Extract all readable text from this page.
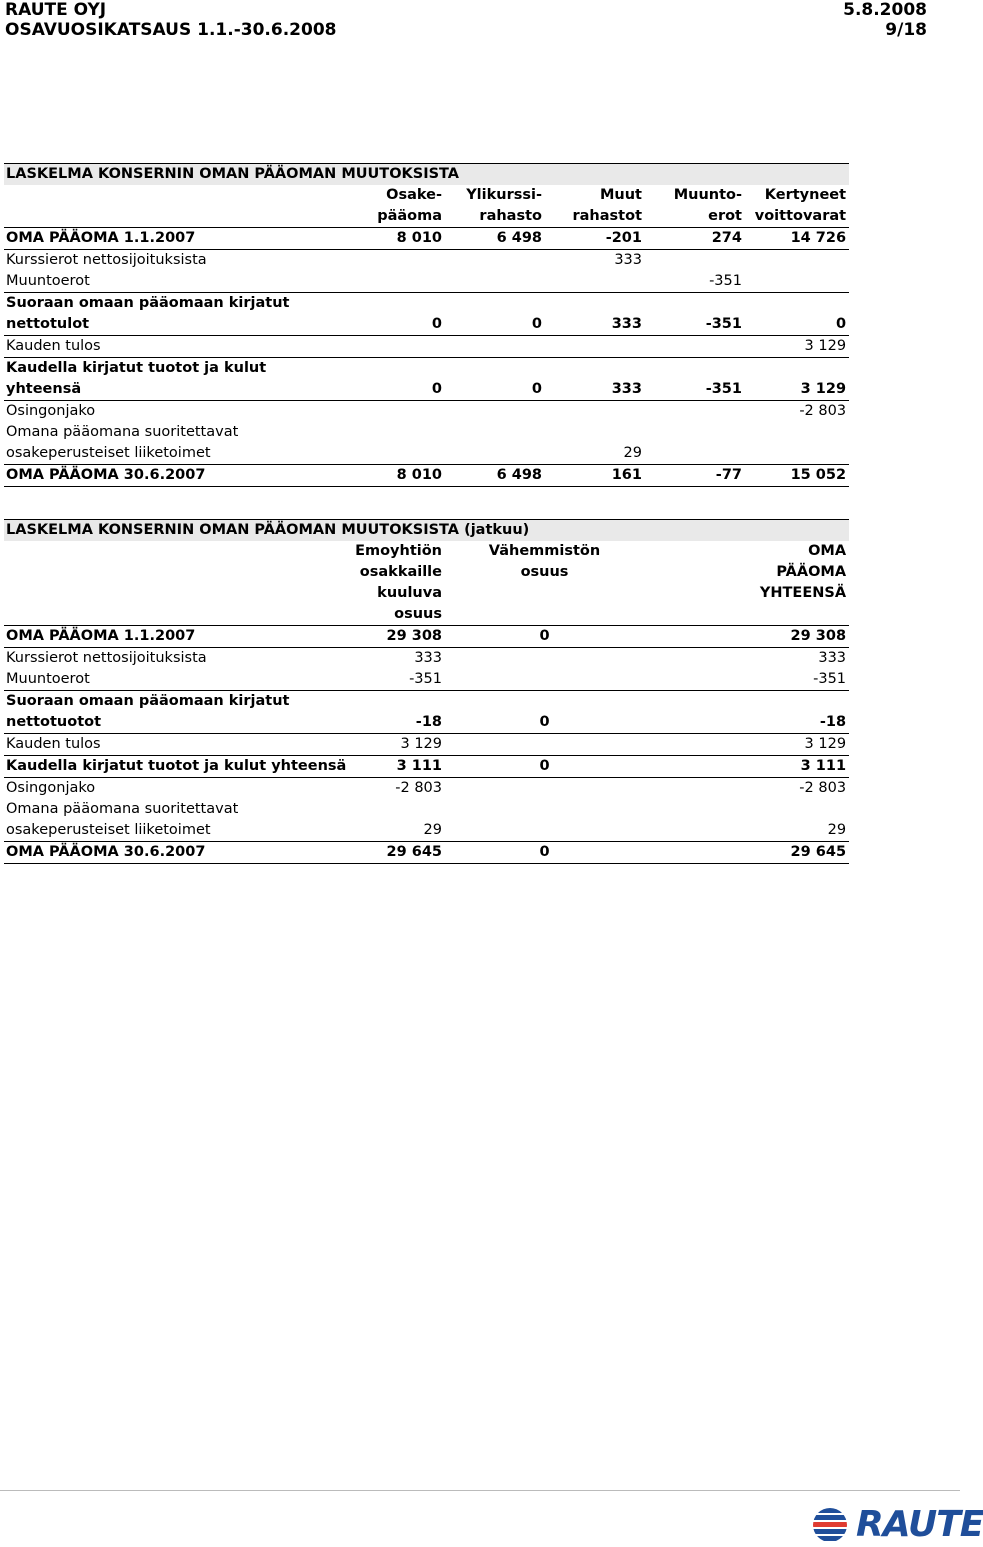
RAUTE OYJ
OSAVUOSIKATSAUS 1.1.-30.6.2008
5.8.2008
9/18
LASKELMA KONSERNIN OMAN PÄÄOMAN MUUTOKSISTA					
	Osake-	Ylikurssi-	Muut	Muunto-	Kertyneet
	pääoma	rahasto	rahastot	erot	voittovarat
OMA PÄÄOMA 1.1.2007	8 010	6 498	-201	274	14 726
Kurssierot nettosijoituksista			333		
Muuntoerot				-351	
Suoraan omaan pääomaan kirjatut					
nettotulot	0	0	333	-351	0
Kauden tulos					3 129
Kaudella kirjatut tuotot ja kulut					
yhteensä	0	0	333	-351	3 129
Osingonjako					-2 803
Omana pääomana suoritettavat					
osakeperusteiset liiketoimet			29		
OMA PÄÄOMA 30.6.2007	8 010	6 498	161	-77	15 052
LASKELMA KONSERNIN OMAN PÄÄOMAN MUUTOKSISTA (jatkuu)			
	Emoyhtiön	Vähemmistön	OMA
	osakkaille	osuus	PÄÄOMA
	kuuluva		YHTEENSÄ
	osuus		
OMA PÄÄOMA 1.1.2007	29 308	0	29 308
Kurssierot nettosijoituksista	333		333
Muuntoerot	-351		-351
Suoraan omaan pääomaan kirjatut			
nettotuotot	-18	0	-18
Kauden tulos	3 129		3 129
Kaudella kirjatut tuotot ja kulut yhteensä	3 111	0	3 111
Osingonjako	-2 803		-2 803
Omana pääomana suoritettavat			
osakeperusteiset liiketoimet	29		29
OMA PÄÄOMA 30.6.2007	29 645	0	29 645
RAUTE
